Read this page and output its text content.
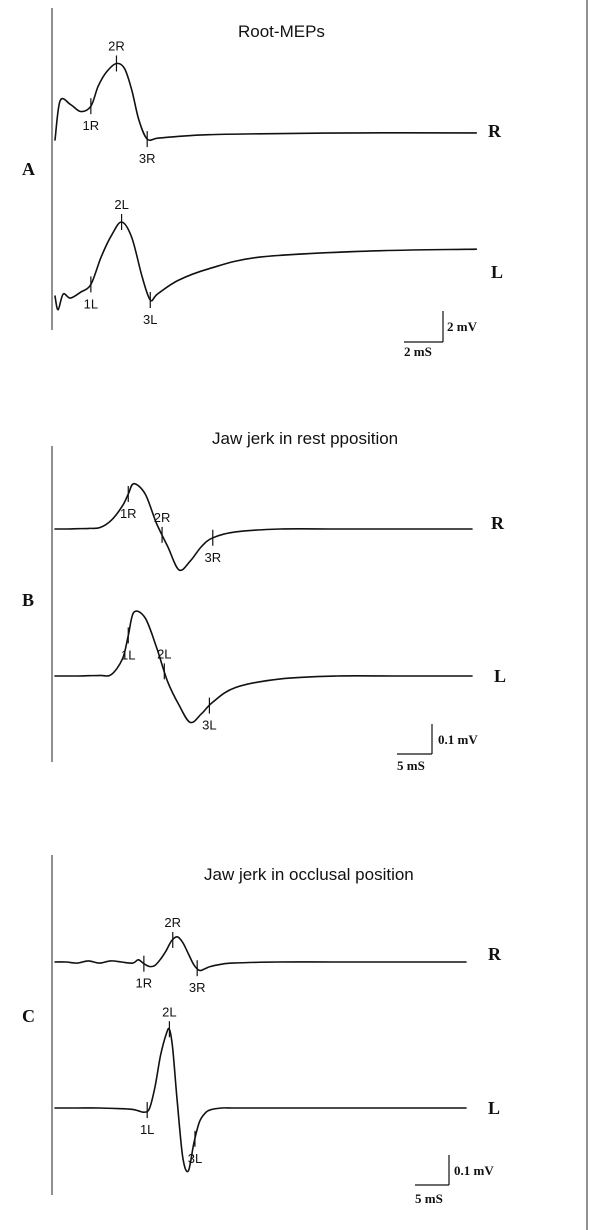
A
Root-MEPs
1R
2R
3R
R
1L
2L
3L
L
2 mV
2 mS
B
Jaw jerk in rest pposition
1R 2R
3R
R
1L 2L
3L
L
0.1 mV
5 mS
C
Jaw jerk in occlusal position
1R
2R
3R
R
1L
2L
3L
L
0.1 mV
5 mS
